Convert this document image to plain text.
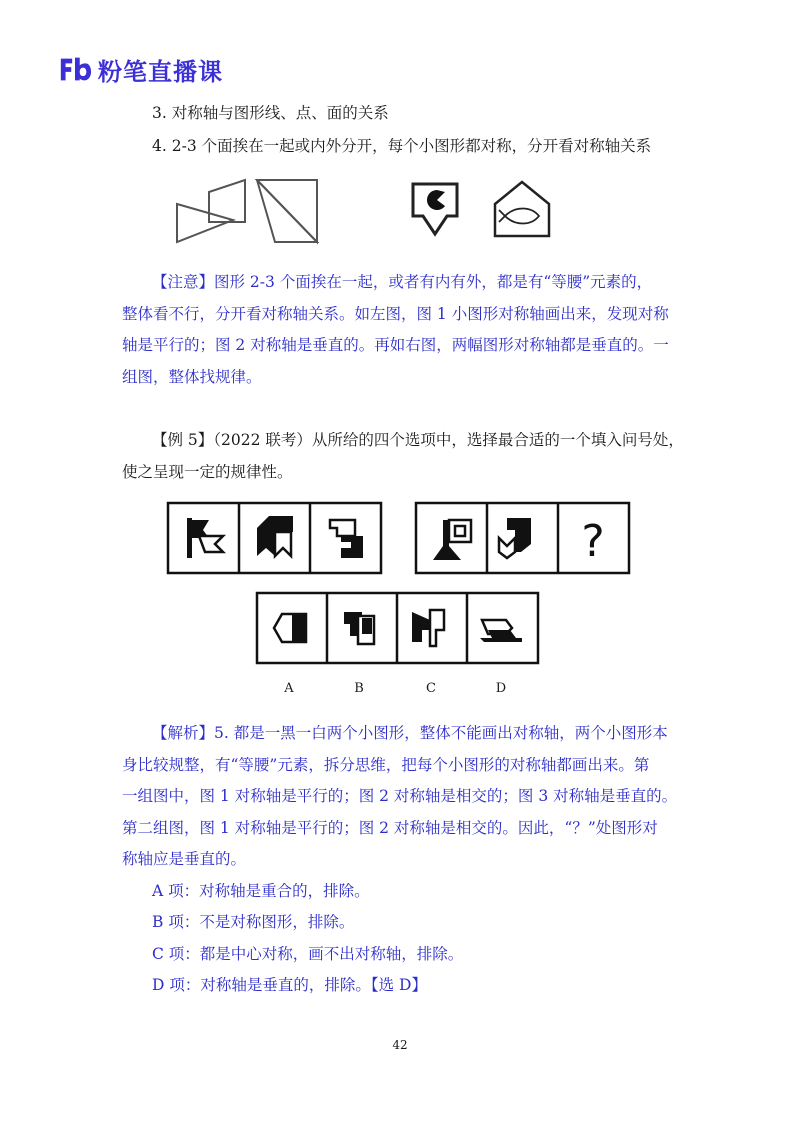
粉笔直播课
3. 对称轴与图形线、点、面的关系
4. 2-3 个面挨在一起或内外分开，每个小图形都对称，分开看对称轴关系
【注意】图形 2-3 个面挨在一起，或者有内有外，都是有“等腰”元素的，
整体看不行，分开看对称轴关系。如左图，图 1 小图形对称轴画出来，发现对称
轴是平行的；图 2 对称轴是垂直的。再如右图，两幅图形对称轴都是垂直的。一
组图，整体找规律。
【例 5】（2022 联考）从所给的四个选项中，选择最合适的一个填入问号处，
使之呈现一定的规律性。
?
A	B	C	D
【解析】5. 都是一黑一白两个小图形，整体不能画出对称轴，两个小图形本
身比较规整，有“等腰”元素，拆分思维，把每个小图形的对称轴都画出来。第
一组图中，图 1 对称轴是平行的；图 2 对称轴是相交的；图 3 对称轴是垂直的。
第二组图，图 1 对称轴是平行的；图 2 对称轴是相交的。因此，“？”处图形对
称轴应是垂直的。
A 项：对称轴是重合的，排除。
B 项：不是对称图形，排除。
C 项：都是中心对称，画不出对称轴，排除。
D 项：对称轴是垂直的，排除。【选 D】
42
